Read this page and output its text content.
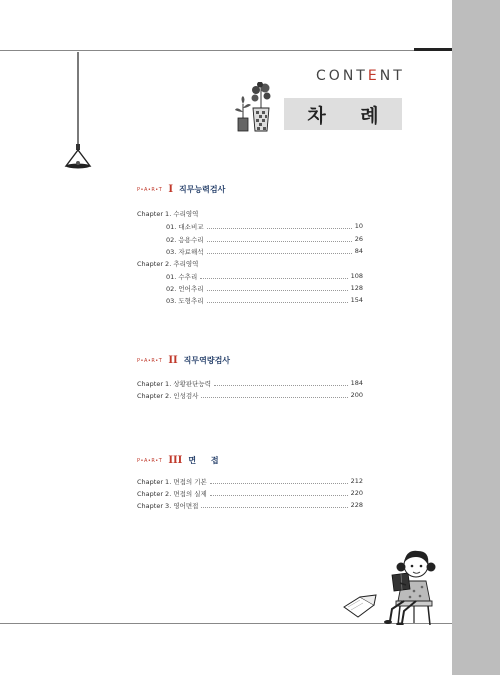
CONTENT
차 례
P•A•R•T I 직무능력검사
Chapter 1. 수리영역
01. 대소비교	10
02. 응용수리	26
03. 자료해석	84
Chapter 2. 추리영역
01. 수추리	108
02. 언어추리	128
03. 도형추리	154
P•A•R•T II 직무역량검사
Chapter 1. 상황판단능력	184
Chapter 2. 인성검사	200
P•A•R•T III 면 접
Chapter 1. 면접의 기본	212
Chapter 2. 면접의 실제	220
Chapter 3. 영어면접	228
